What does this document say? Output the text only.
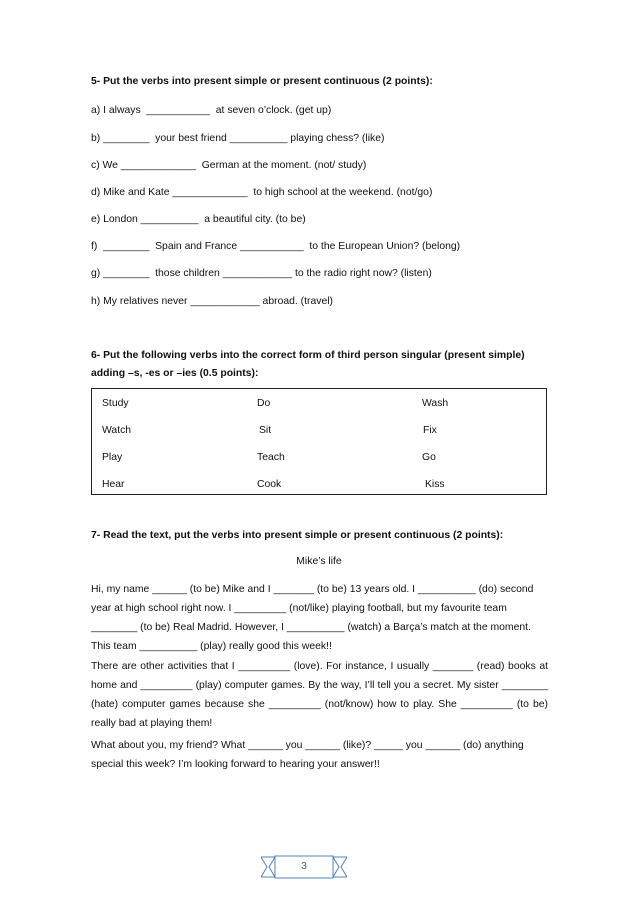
5- Put the verbs into present simple or present continuous (2 points):
a) I always  ___________  at seven o’clock. (get up)
b) ________  your best friend __________ playing chess? (like)
c) We _____________  German at the moment. (not/ study)
d) Mike and Kate _____________  to high school at the weekend. (not/go)
e) London __________  a beautiful city. (to be)
f)  ________  Spain and France ___________  to the European Union? (belong)
g) ________  those children ____________ to the radio right now? (listen)
h) My relatives never ____________ abroad. (travel)
6- Put the following verbs into the correct form of third person singular (present simple)
adding –s, -es or –ies (0.5 points):
Study	Do	Wash
Watch	Sit	Fix
Play	Teach	Go
Hear	Cook	Kiss
7- Read the text, put the verbs into present simple or present continuous (2 points):
Mike’s life
Hi, my name ______ (to be) Mike and I _______ (to be) 13 years old. I __________ (do) second year at high school right now. I _________ (not/like) playing football, but my favourite team ________ (to be) Real Madrid. However, I __________ (watch) a Barça’s match at the moment. This team __________ (play) really good this week!!
There are other activities that I _________ (love). For instance, I usually _______ (read) books at home and _________ (play) computer games. By the way, I’ll tell you a secret. My sister ________ (hate) computer games because she _________ (not/know) how to play. She _________ (to be) really bad at playing them!
What about you, my friend? What ______ you ______ (like)? _____ you ______ (do) anything special this week? I’m looking forward to hearing your answer!!
3
